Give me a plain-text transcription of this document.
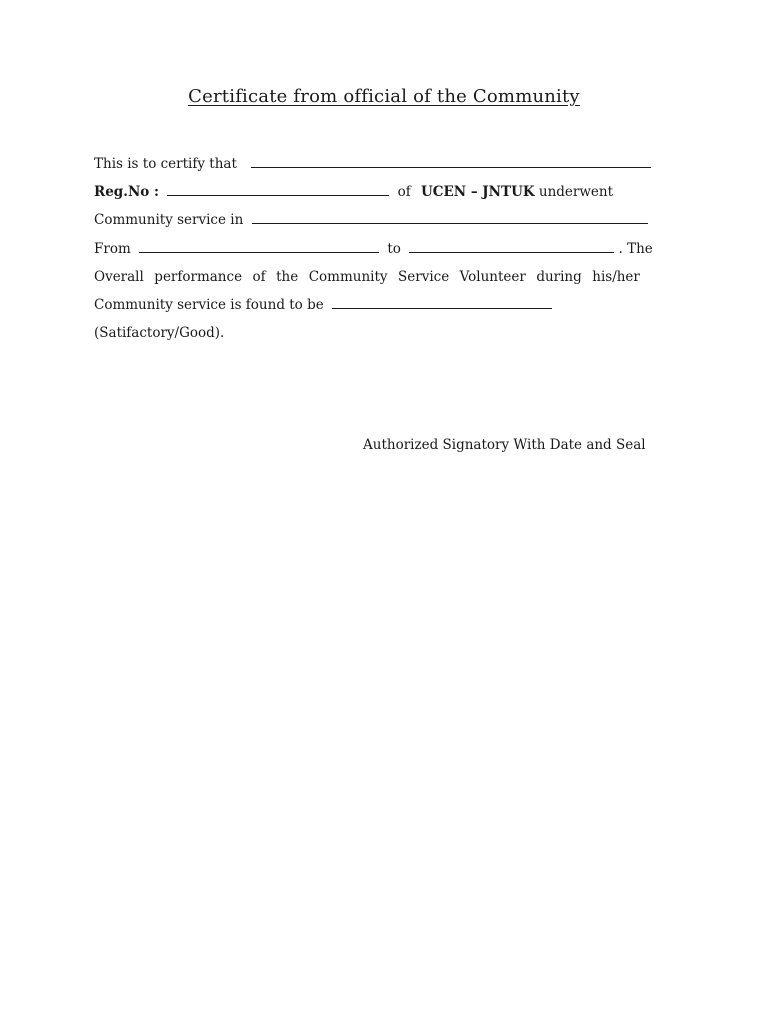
Certificate from official of the Community
This is to certify that
Reg.No :	of UCEN – JNTUK underwent
Community service in
From	to	. The
Overall performance of the Community Service Volunteer during his/her
Community service is found to be
(Satifactory/Good).
Authorized Signatory With Date and Seal
